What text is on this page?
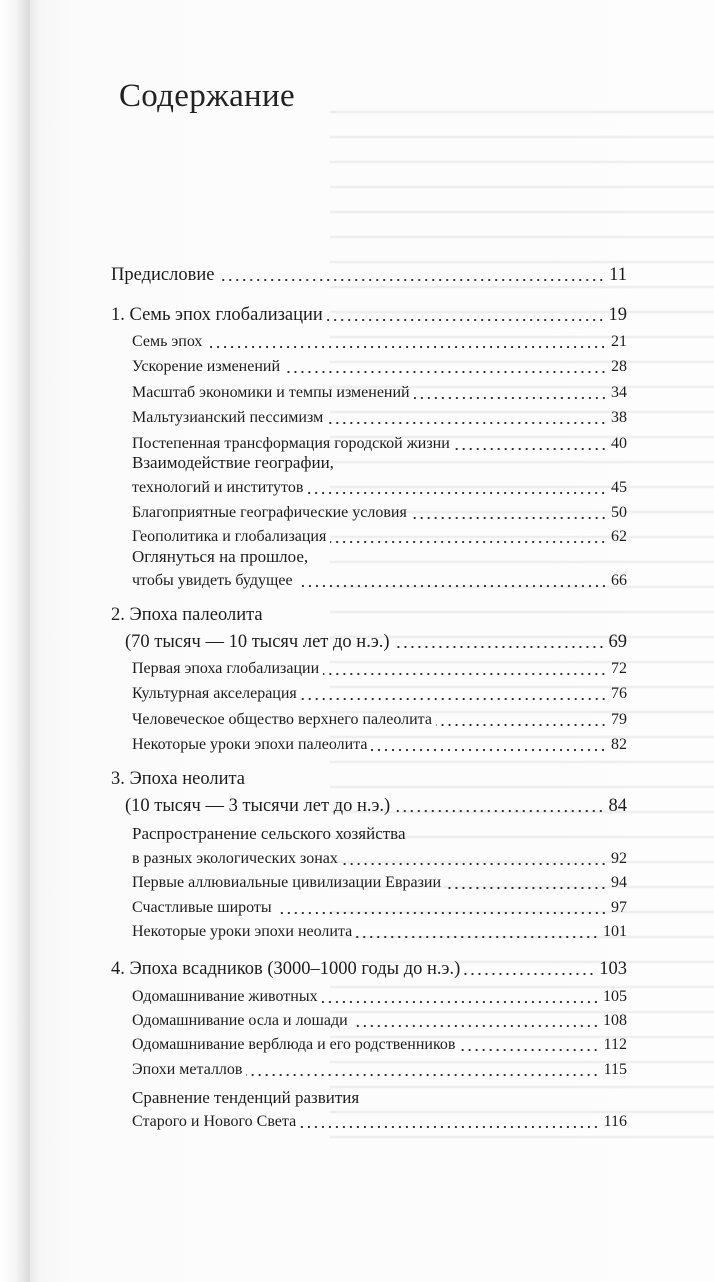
Содержание
Предисловие	11
1. Семь эпох глобализации	19
Семь эпох	21
Ускорение изменений	28
Масштаб экономики и темпы изменений	34
Мальтузианский пессимизм	38
Постепенная трансформация городской жизни	40
Взаимодействие географии,
технологий и институтов	45
Благоприятные географические условия	50
Геополитика и глобализация	62
Оглянуться на прошлое,
чтобы увидеть будущее	66
2. Эпоха палеолита
(70 тысяч — 10 тысяч лет до н.э.)	69
Первая эпоха глобализации	72
Культурная акселерация	76
Человеческое общество верхнего палеолита	79
Некоторые уроки эпохи палеолита	82
3. Эпоха неолита
(10 тысяч — 3 тысячи лет до н.э.)	84
Распространение сельского хозяйства
в разных экологических зонах	92
Первые аллювиальные цивилизации Евразии	94
Счастливые широты	97
Некоторые уроки эпохи неолита	101
4. Эпоха всадников (3000–1000 годы до н.э.)	103
Одомашнивание животных	105
Одомашнивание осла и лошади	108
Одомашнивание верблюда и его родственников	112
Эпохи металлов	115
Сравнение тенденций развития
Старого и Нового Света	116
